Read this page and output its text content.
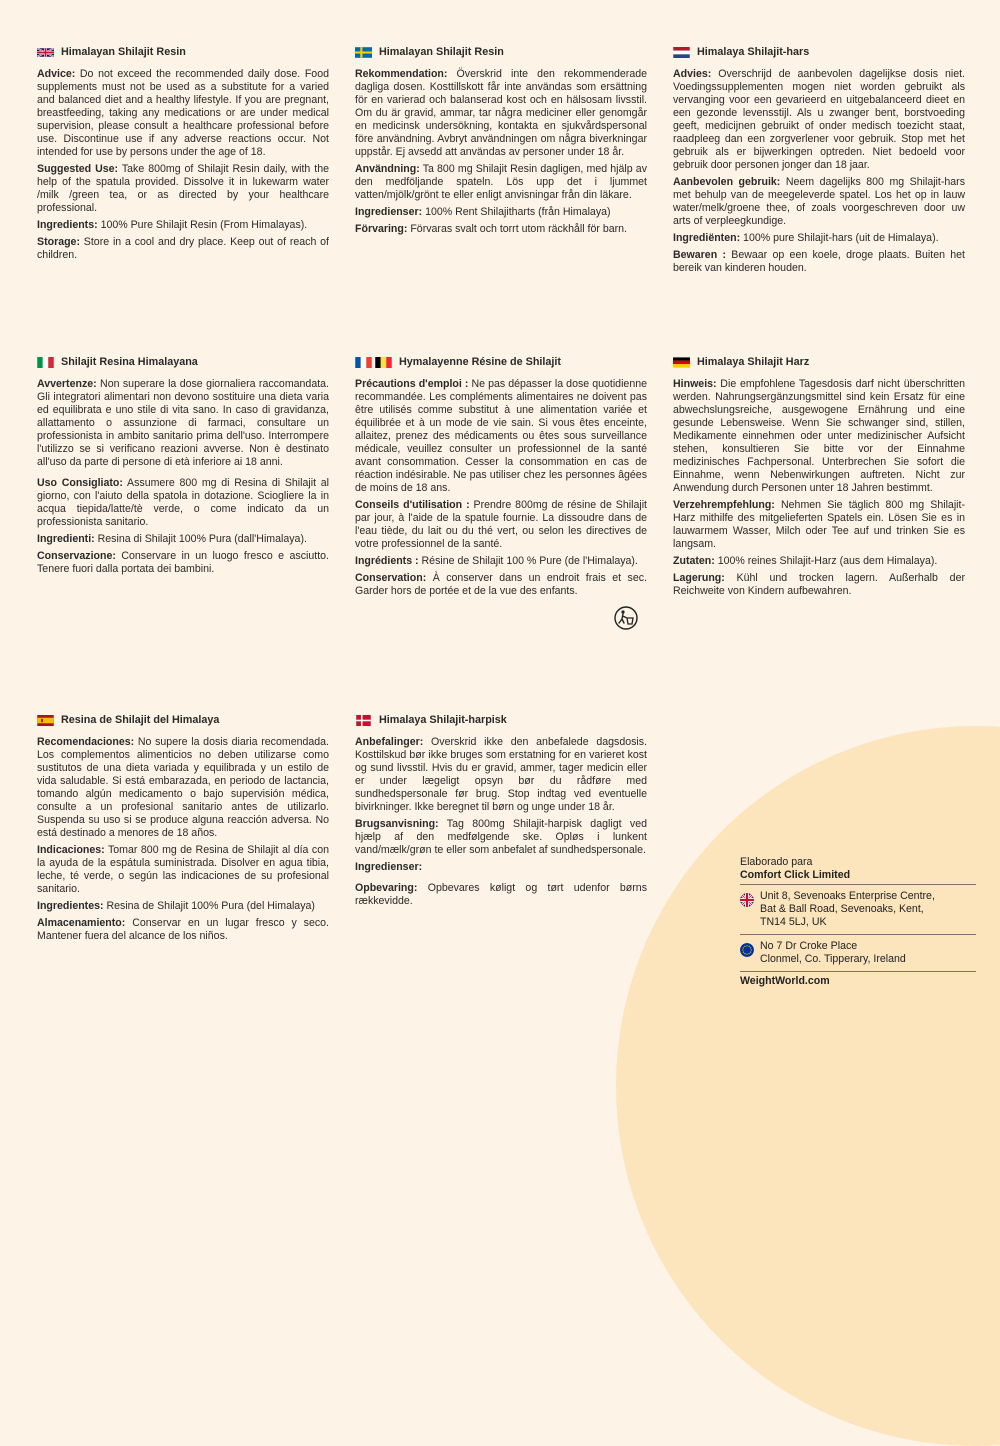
Himalayan Shilajit Resin

Advice: Do not exceed the recommended daily dose. Food supplements must not be used as a substitute for a varied and balanced diet and a healthy lifestyle. If you are pregnant, breastfeeding, taking any medications or are under medical supervision, please consult a healthcare professional before use. Discontinue use if any adverse reactions occur. Not intended for use by persons under the age of 18.

Suggested Use: Take 800mg of Shilajit Resin daily, with the help of the spatula provided. Dissolve it in lukewarm water /milk /green tea, or as directed by your healthcare professional.

Ingredients: 100% Pure Shilajit Resin (From Himalayas).

Storage: Store in a cool and dry place. Keep out of reach of children.

Himalayan Shilajit Resin

Rekommendation: Överskrid inte den rekommenderade dagliga dosen. Kosttillskott får inte användas som ersättning för en varierad och balanserad kost och en hälsosam livsstil. Om du är gravid, ammar, tar några mediciner eller genomgår en medicinsk undersökning, kontakta en sjukvårdspersonal före användning. Avbryt användningen om några biverkningar uppstår. Ej avsedd att användas av personer under 18 år.

Användning: Ta 800 mg Shilajit Resin dagligen, med hjälp av den medföljande spateln. Lös upp det i ljummet vatten/mjölk/grönt te eller enligt anvisningar från din läkare.

Ingredienser: 100% Rent Shilajitharts (från Himalaya)

Förvaring: Förvaras svalt och torrt utom räckhåll för barn.

Himalaya Shilajit-hars

Advies: Overschrijd de aanbevolen dagelijkse dosis niet. Voedingssupplementen mogen niet worden gebruikt als vervanging voor een gevarieerd en uitgebalanceerd dieet en een gezonde levensstijl. Als u zwanger bent, borstvoeding geeft, medicijnen gebruikt of onder medisch toezicht staat, raadpleeg dan een zorgverlener voor gebruik. Stop met het gebruik als er bijwerkingen optreden. Niet bedoeld voor gebruik door personen jonger dan 18 jaar.

Aanbevolen gebruik: Neem dagelijks 800 mg Shilajit-hars met behulp van de meegeleverde spatel. Los het op in lauw water/melk/groene thee, of zoals voorgeschreven door uw arts of verpleegkundige.

Ingrediënten: 100% pure Shilajit-hars (uit de Himalaya).

Bewaren : Bewaar op een koele, droge plaats. Buiten het bereik van kinderen houden.

Shilajit Resina Himalayana

Avvertenze: Non superare la dose giornaliera raccomandata. Gli integratori alimentari non devono sostituire una dieta varia ed equilibrata e uno stile di vita sano. In caso di gravidanza, allattamento o assunzione di farmaci, consultare un professionista in ambito sanitario prima dell'uso. Interrompere l'utilizzo se si verificano reazioni avverse. Non è destinato all'uso da parte di persone di età inferiore ai 18 anni.

Uso Consigliato: Assumere 800 mg di Resina di Shilajit al giorno, con l'aiuto della spatola in dotazione. Sciogliere la in acqua tiepida/latte/tè verde, o come indicato da un professionista sanitario.

Ingredienti: Resina di Shilajit 100% Pura (dall'Himalaya).

Conservazione: Conservare in un luogo fresco e asciutto. Tenere fuori dalla portata dei bambini.

Hymalayenne Résine de Shilajit

Précautions d'emploi : Ne pas dépasser la dose quotidienne recommandée. Les compléments alimentaires ne doivent pas être utilisés comme substitut à une alimentation variée et équilibrée et à un mode de vie sain. Si vous êtes enceinte, allaitez, prenez des médicaments ou êtes sous surveillance médicale, veuillez consulter un professionnel de la santé avant consommation. Cesser la consommation en cas de réaction indésirable. Ne pas utiliser chez les personnes âgées de moins de 18 ans.

Conseils d'utilisation : Prendre 800mg de résine de Shilajit par jour, à l'aide de la spatule fournie. La dissoudre dans de l'eau tiède, du lait ou du thé vert, ou selon les directives de votre professionnel de la santé.

Ingrédients : Résine de Shilajit 100 % Pure (de l'Himalaya).

Conservation: À conserver dans un endroit frais et sec. Garder hors de portée et de la vue des enfants.

Himalaya Shilajit Harz

Hinweis: Die empfohlene Tagesdosis darf nicht überschritten werden. Nahrungsergänzungsmittel sind kein Ersatz für eine abwechslungsreiche, ausgewogene Ernährung und eine gesunde Lebensweise. Wenn Sie schwanger sind, stillen, Medikamente einnehmen oder unter medizinischer Aufsicht stehen, konsultieren Sie bitte vor der Einnahme medizinisches Fachpersonal. Unterbrechen Sie sofort die Einnahme, wenn Nebenwirkungen auftreten. Nicht zur Anwendung durch Personen unter 18 Jahren bestimmt.

Verzehrempfehlung: Nehmen Sie täglich 800 mg Shilajit-Harz mithilfe des mitgelieferten Spatels ein. Lösen Sie es in lauwarmem Wasser, Milch oder Tee auf und trinken Sie es langsam.

Zutaten: 100% reines Shilajit-Harz (aus dem Himalaya).

Lagerung: Kühl und trocken lagern. Außerhalb der Reichweite von Kindern aufbewahren.

Resina de Shilajit del Himalaya

Recomendaciones: No supere la dosis diaria recomendada. Los complementos alimenticios no deben utilizarse como sustitutos de una dieta variada y equilibrada y un estilo de vida saludable. Si está embarazada, en periodo de lactancia, tomando algún medicamento o bajo supervisión médica, consulte a un profesional sanitario antes de utilizarlo. Suspenda su uso si se produce alguna reacción adversa. No está destinado a menores de 18 años.

Indicaciones: Tomar 800 mg de Resina de Shilajit al día con la ayuda de la espátula suministrada. Disolver en agua tibia, leche, té verde, o según las indicaciones de su profesional sanitario.

Ingredientes: Resina de Shilajit 100% Pura (del Himalaya)

Almacenamiento: Conservar en un lugar fresco y seco. Mantener fuera del alcance de los niños.

Himalaya Shilajit-harpisk

Anbefalinger: Overskrid ikke den anbefalede dagsdosis. Kosttilskud bør ikke bruges som erstatning for en varieret kost og sund livsstil. Hvis du er gravid, ammer, tager medicin eller er under lægeligt opsyn bør du rådføre med sundhedspersonale før brug. Stop indtag ved eventuelle bivirkninger. Ikke beregnet til børn og unge under 18 år.

Brugsanvisning: Tag 800mg Shilajit-harpisk dagligt ved hjælp af den medfølgende ske. Opløs i lunkent vand/mælk/grøn te eller som anbefalet af sundhedspersonale.

Ingredienser:

Opbevaring: Opbevares køligt og tørt udenfor børns rækkevidde.

Elaborado para
Comfort Click Limited
Unit 8, Sevenoaks Enterprise Centre,
Bat & Ball Road, Sevenoaks, Kent,
TN14 5LJ, UK
No 7 Dr Croke Place
Clonmel, Co. Tipperary, Ireland
WeightWorld.com
